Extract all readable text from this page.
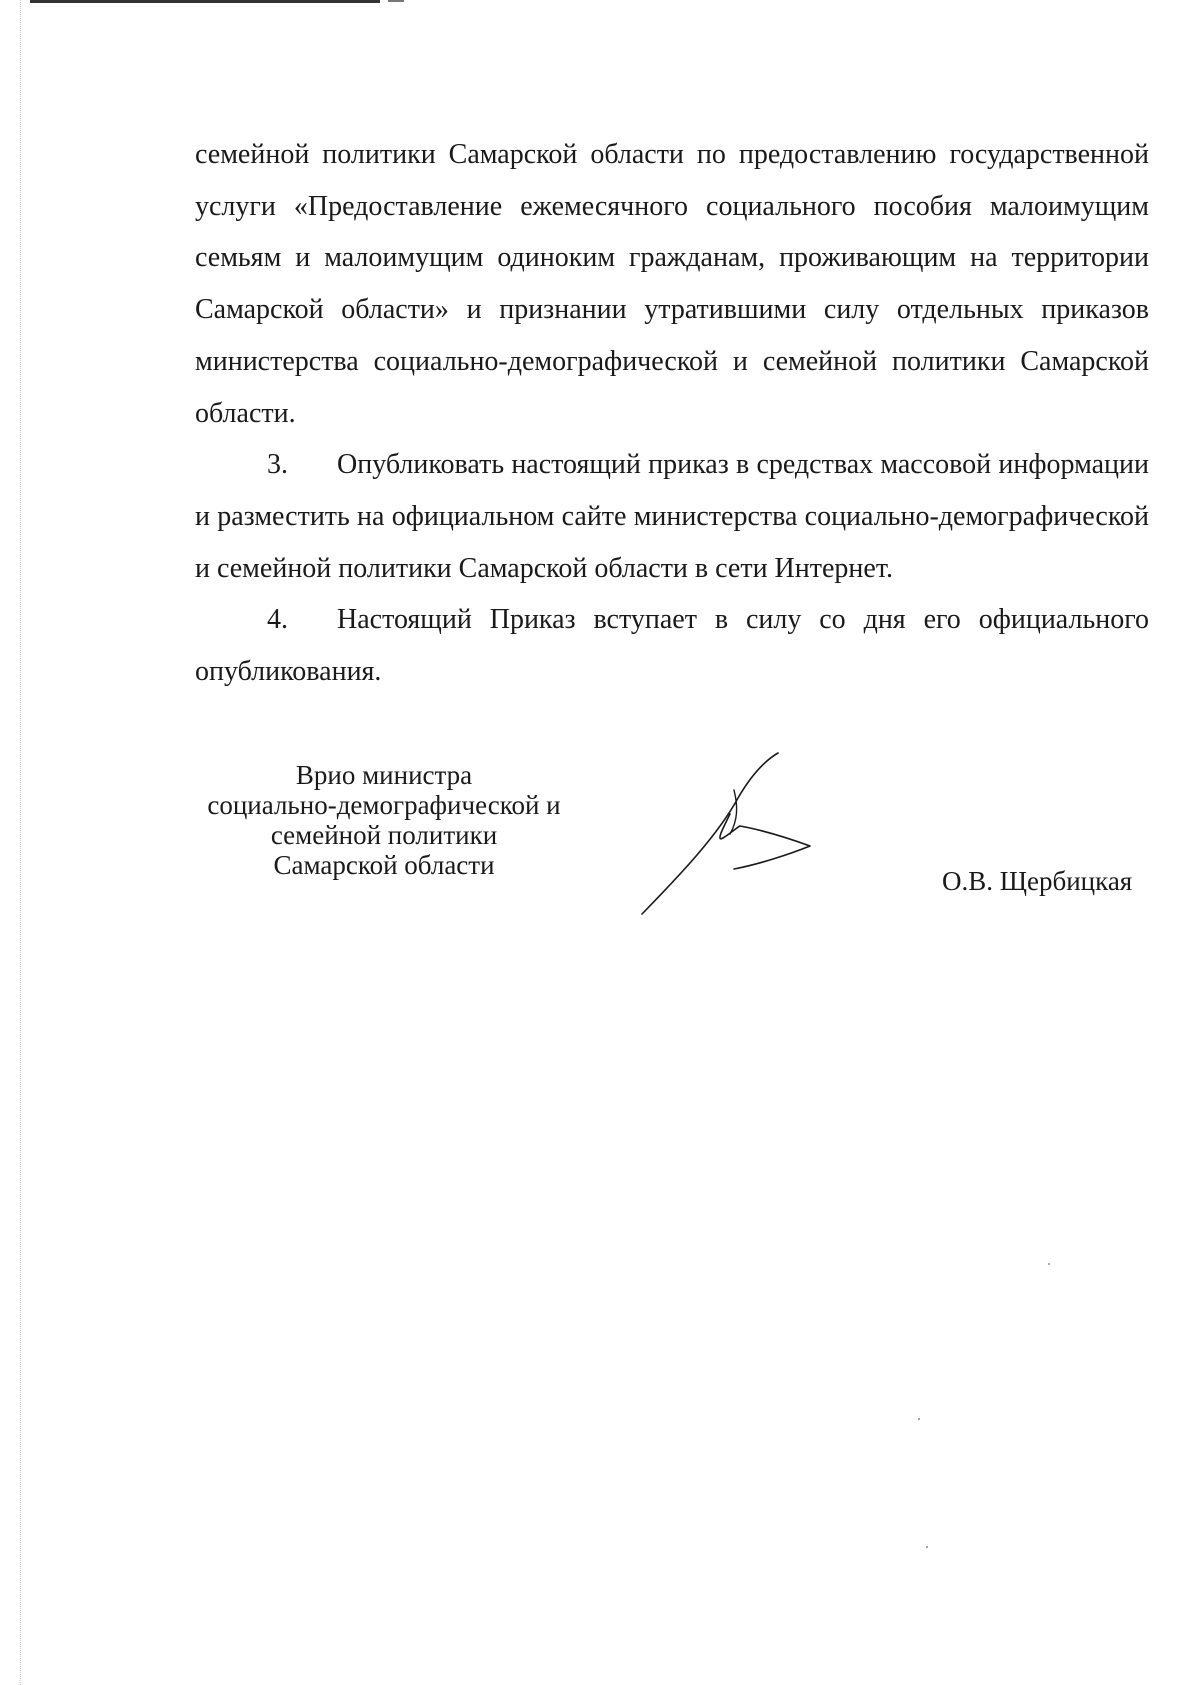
семейной политики Самарской области по предоставлению государственной услуги «Предоставление ежемесячного социального пособия малоимущим семьям и малоимущим одиноким гражданам, проживающим на территории Самарской области» и признании утратившими силу отдельных приказов министерства социально-демографической и семейной политики Самарской области.

3. Опубликовать настоящий приказ в средствах массовой информации и разместить на официальном сайте министерства социально-демографической и семейной политики Самарской области в сети Интернет.

4. Настоящий Приказ вступает в силу со дня его официального опубликования.

Врио министра
социально-демографической и
семейной политики
Самарской области
О.В. Щербицкая
